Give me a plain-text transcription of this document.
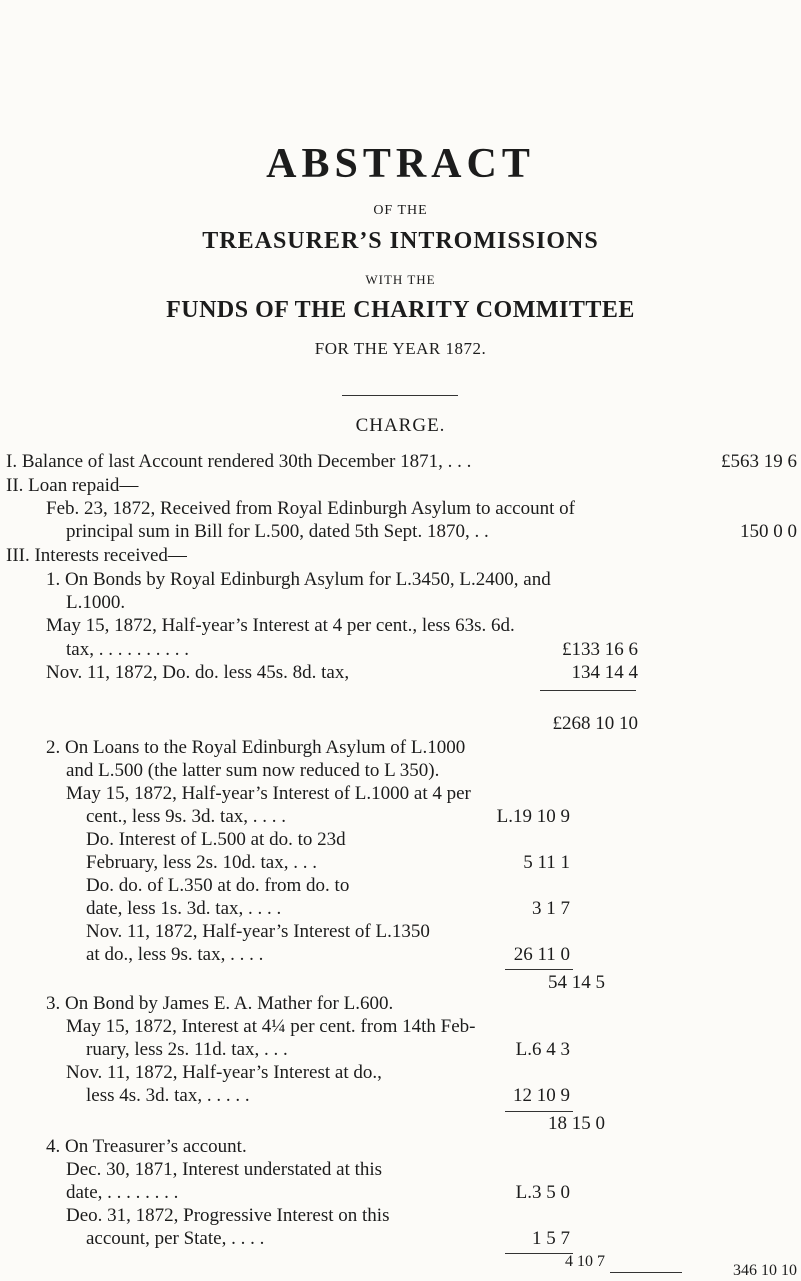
ABSTRACT
OF THE
TREASURER’S INTROMISSIONS
WITH THE
FUNDS OF THE CHARITY COMMITTEE
FOR THE YEAR 1872.
CHARGE.
I. Balance of last Account rendered 30th December 1871, . . .	£563 19 6
II. Loan repaid—
Feb. 23, 1872, Received from Royal Edinburgh Asylum to account of
principal sum in Bill for L.500, dated 5th Sept. 1870, . .	150 0 0
III. Interests received—
1. On Bonds by Royal Edinburgh Asylum for L.3450, L.2400, and
L.1000.
May 15, 1872, Half-year’s Interest at 4 per cent., less 63s. 6d.
tax, . . . . . . . . . .	£133 16 6
Nov. 11, 1872, Do. do. less 45s. 8d. tax,	134 14 4
£268 10 10
2. On Loans to the Royal Edinburgh Asylum of L.1000
and L.500 (the latter sum now reduced to L 350).
May 15, 1872, Half-year’s Interest of L.1000 at 4 per
cent., less 9s. 3d. tax, . . . .	L.19 10 9
Do. Interest of L.500 at do. to 23d
February, less 2s. 10d. tax, . . .	5 11 1
Do. do. of L.350 at do. from do. to
date, less 1s. 3d. tax, . . . .	3 1 7
Nov. 11, 1872, Half-year’s Interest of L.1350
at do., less 9s. tax, . . . .	26 11 0
54 14 5
3. On Bond by James E. A. Mather for L.600.
May 15, 1872, Interest at 4¼ per cent. from 14th Feb-
ruary, less 2s. 11d. tax, . . .	L.6 4 3
Nov. 11, 1872, Half-year’s Interest at do.,
less 4s. 3d. tax, . . . . .	12 10 9
18 15 0
4. On Treasurer’s account.
Dec. 30, 1871, Interest understated at this
date, . . . . . . . .	L.3 5 0
Deo. 31, 1872, Progressive Interest on this
account, per State, . . . .	1 5 7
4 10 7
346 10 10
